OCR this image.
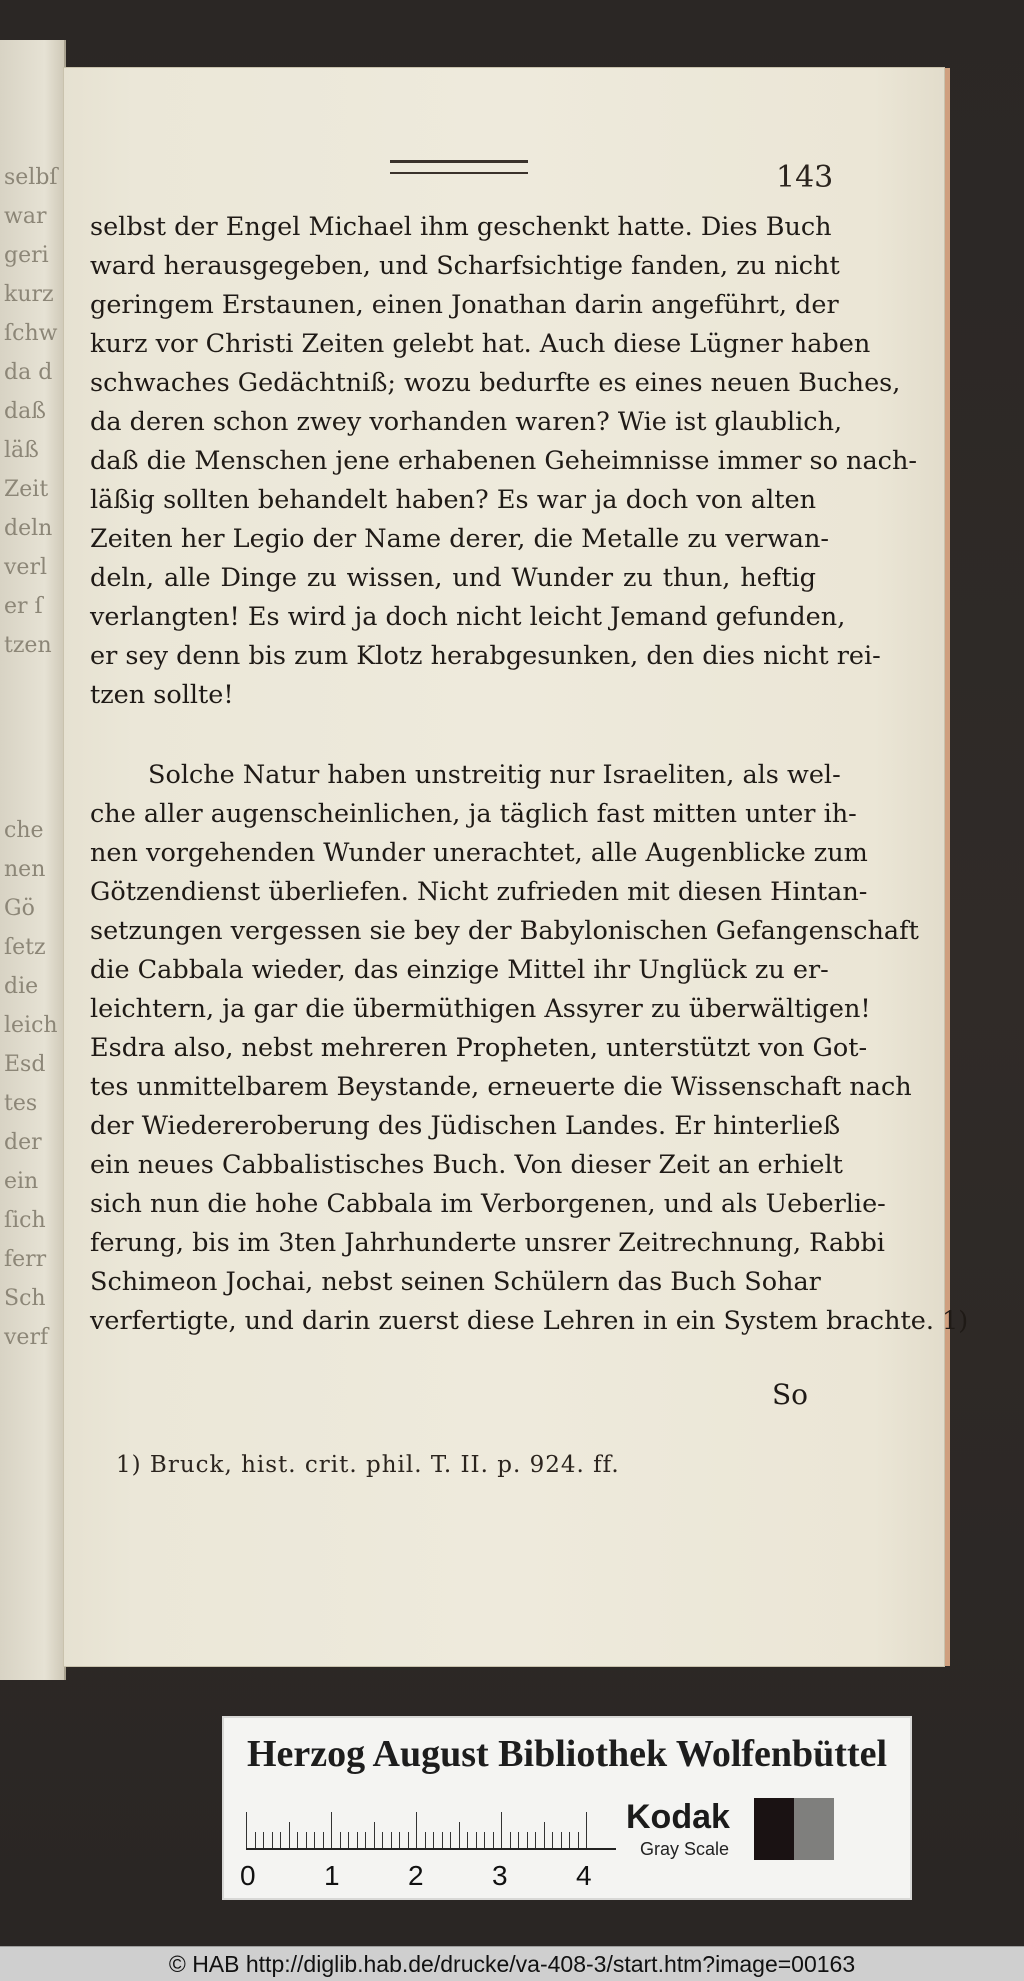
selbſ
war
geri
kurz
ſchw
da d
daß
läß
Zeit
deln
verl
er ſ
tzen
che
nen
Gö
ſetz
die
leich
Esd
tes
der
ein
ſich
ferr
Sch
verf
143
selbst der Engel Michael ihm geschenkt hatte. Dies Buch
ward herausgegeben, und Scharfsichtige fanden, zu nicht
geringem Erstaunen, einen Jonathan darin angeführt, der
kurz vor Christi Zeiten gelebt hat. Auch diese Lügner haben
schwaches Gedächtniß; wozu bedurfte es eines neuen Buches,
da deren schon zwey vorhanden waren? Wie ist glaublich,
daß die Menschen jene erhabenen Geheimnisse immer so nach-
läßig sollten behandelt haben? Es war ja doch von alten
Zeiten her Legio der Name derer, die Metalle zu verwan-
deln, alle Dinge zu wissen, und Wunder zu thun, heftig
verlangten! Es wird ja doch nicht leicht Jemand gefunden,
er sey denn bis zum Klotz herabgesunken, den dies nicht rei-
tzen sollte!
Solche Natur haben unstreitig nur Israeliten, als wel-
che aller augenscheinlichen, ja täglich fast mitten unter ih-
nen vorgehenden Wunder unerachtet, alle Augenblicke zum
Götzendienst überliefen. Nicht zufrieden mit diesen Hintan-
setzungen vergessen sie bey der Babylonischen Gefangenschaft
die Cabbala wieder, das einzige Mittel ihr Unglück zu er-
leichtern, ja gar die übermüthigen Assyrer zu überwältigen!
Esdra also, nebst mehreren Propheten, unterstützt von Got-
tes unmittelbarem Beystande, erneuerte die Wissenschaft nach
der Wiedereroberung des Jüdischen Landes. Er hinterließ
ein neues Cabbalistisches Buch. Von dieser Zeit an erhielt
sich nun die hohe Cabbala im Verborgenen, und als Ueberlie-
ferung, bis im 3ten Jahrhunderte unsrer Zeitrechnung, Rabbi
Schimeon Jochai, nebst seinen Schülern das Buch Sohar
verfertigte, und darin zuerst diese Lehren in ein System brachte. 1)
So
1) Bruck, hist. crit. phil. T. II. p. 924. ff.
Herzog August Bibliothek Wolfenbüttel
0 1 2 3 4
Kodak
Gray Scale
© HAB http://diglib.hab.de/drucke/va-408-3/start.htm?image=00163
